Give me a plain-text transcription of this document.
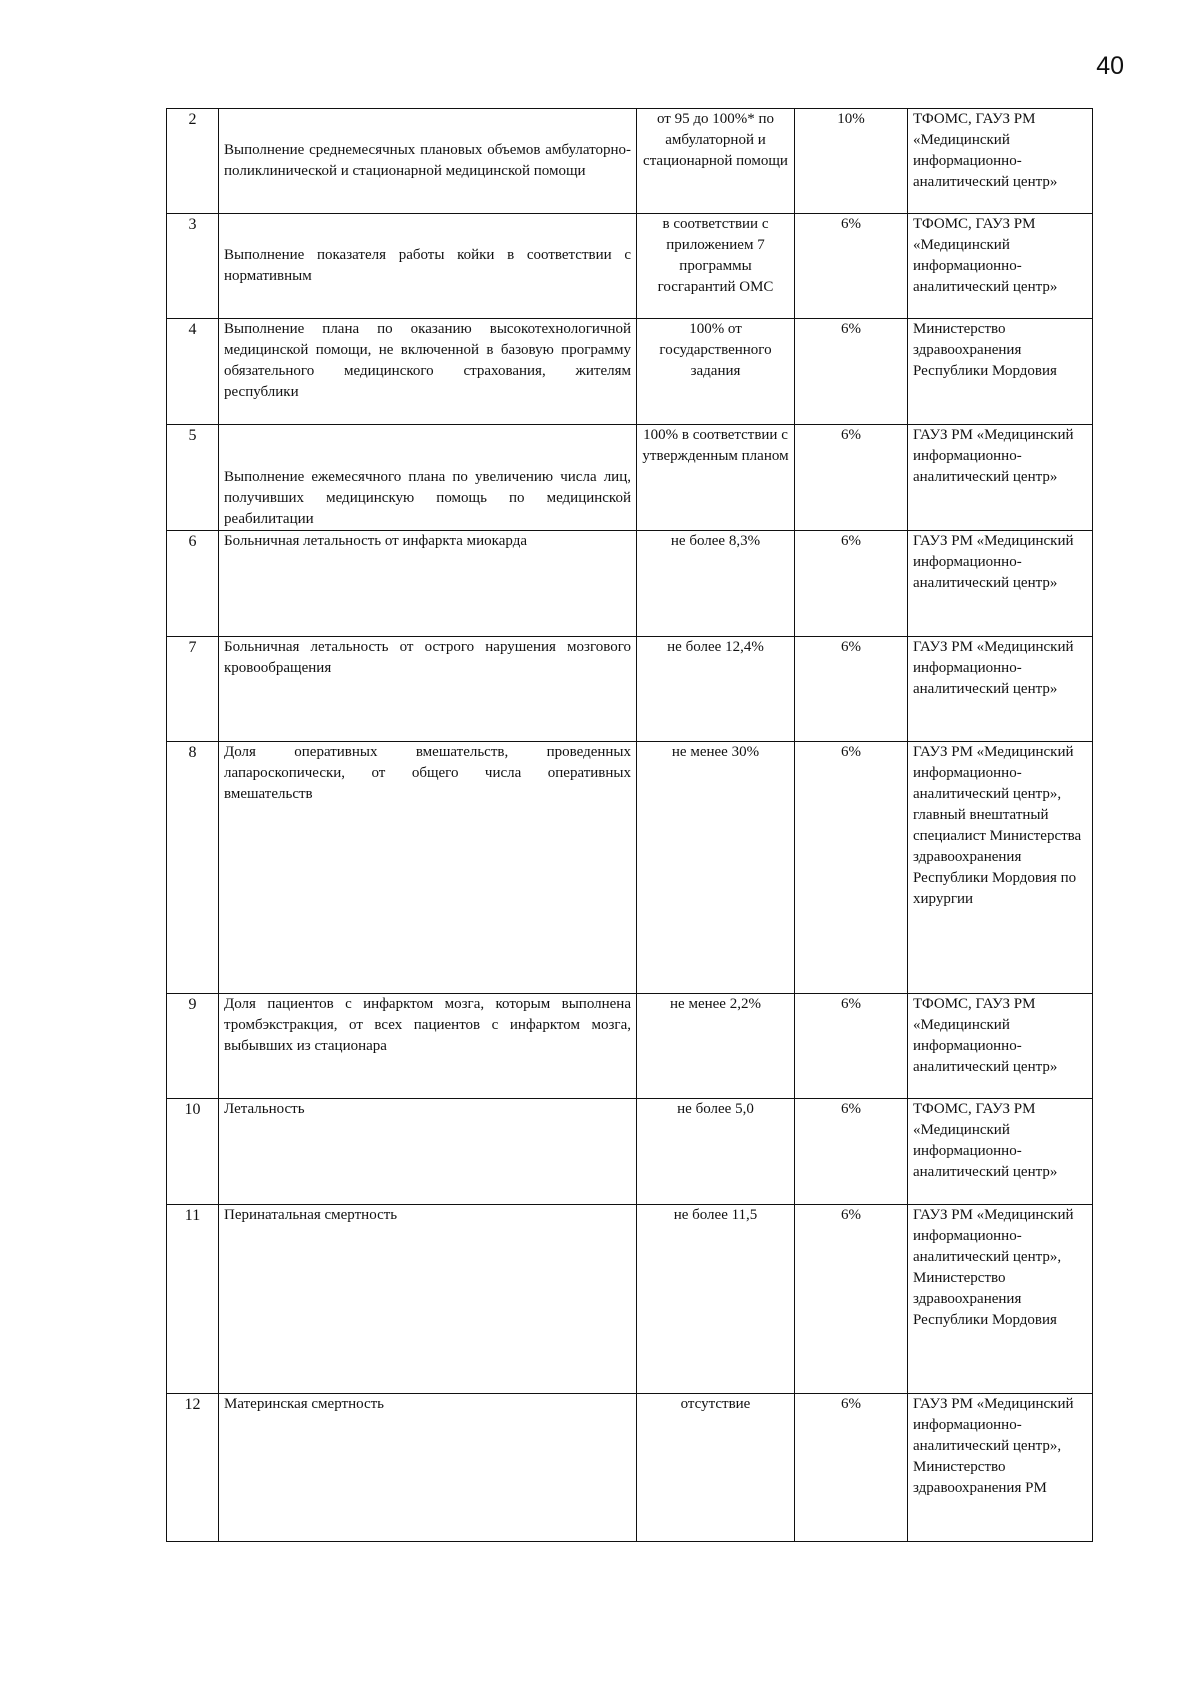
40
2	Выполнение среднемесячных плановых объемов амбулаторно-поликлинической и стационарной медицинской помощи	от 95 до 100%* по амбулаторной и стационарной помощи	10%	ТФОМС, ГАУЗ РМ «Медицинский информационно-аналитический центр»
3	Выполнение показателя работы койки в соответствии с нормативным	в соответствии с приложением 7 программы госгарантий ОМС	6%	ТФОМС, ГАУЗ РМ «Медицинский информационно-аналитический центр»
4	Выполнение плана по оказанию высокотехнологичной медицинской помощи, не включенной в базовую программу обязательного медицинского страхования, жителям республики	100% от государственного задания	6%	Министерство здравоохранения Республики Мордовия
5	Выполнение ежемесячного плана по увеличению числа лиц, получивших медицинскую помощь по медицинской реабилитации	100% в соответствии с утвержденным планом	6%	ГАУЗ РМ «Медицинский информационно-аналитический центр»
6	Больничная летальность от инфаркта миокарда	не более 8,3%	6%	ГАУЗ РМ «Медицинский информационно-аналитический центр»
7	Больничная летальность от острого нарушения мозгового кровообращения	не более 12,4%	6%	ГАУЗ РМ «Медицинский информационно-аналитический центр»
8	Доля оперативных вмешательств, проведенных лапароскопически, от общего числа оперативных вмешательств	не менее 30%	6%	ГАУЗ РМ «Медицинский информационно-аналитический центр», главный внештатный специалист Министерства здравоохранения Республики Мордовия по хирургии
9	Доля пациентов с инфарктом мозга, которым выполнена тромбэкстракция, от всех пациентов с инфарктом мозга, выбывших из стационара	не менее 2,2%	6%	ТФОМС, ГАУЗ РМ «Медицинский информационно-аналитический центр»
10	Летальность	не более 5,0	6%	ТФОМС, ГАУЗ РМ «Медицинский информационно-аналитический центр»
11	Перинатальная смертность	не более 11,5	6%	ГАУЗ РМ «Медицинский информационно-аналитический центр», Министерство здравоохранения Республики Мордовия
12	Материнская смертность	отсутствие	6%	ГАУЗ РМ «Медицинский информационно-аналитический центр», Министерство здравоохранения РМ
